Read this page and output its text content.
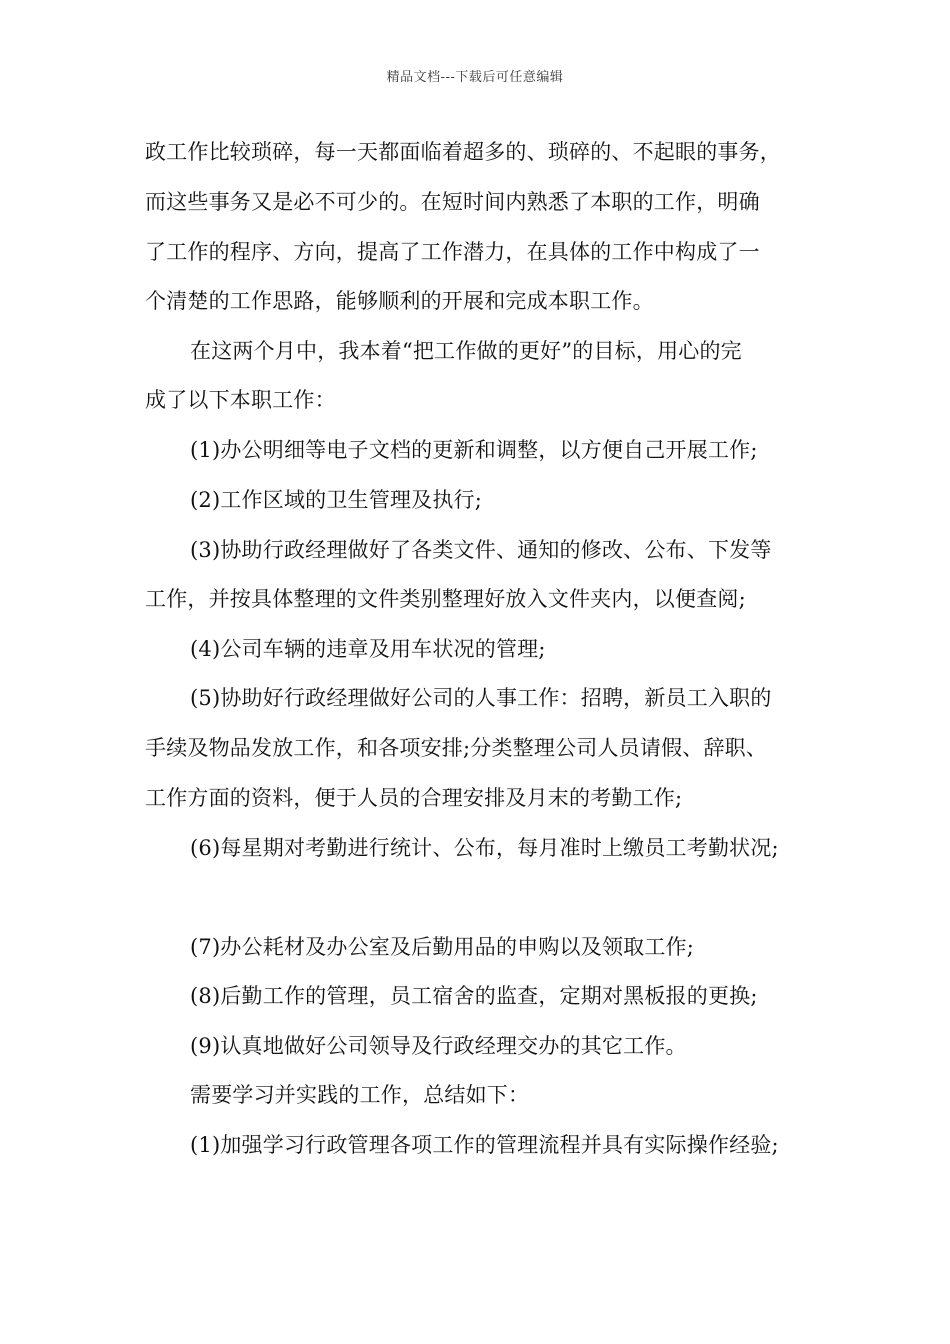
精品文档---下载后可任意编辑
政工作比较琐碎，每一天都面临着超多的、琐碎的、不起眼的事务，
而这些事务又是必不可少的。在短时间内熟悉了本职的工作，明确
了工作的程序、方向，提高了工作潜力，在具体的工作中构成了一
个清楚的工作思路，能够顺利的开展和完成本职工作。
在这两个月中，我本着“把工作做的更好”的目标，用心的完
成了以下本职工作：
(1)办公明细等电子文档的更新和调整，以方便自己开展工作;
(2)工作区域的卫生管理及执行;
(3)协助行政经理做好了各类文件、通知的修改、公布、下发等
工作，并按具体整理的文件类别整理好放入文件夹内，以便查阅;
(4)公司车辆的违章及用车状况的管理;
(5)协助好行政经理做好公司的人事工作：招聘，新员工入职的
手续及物品发放工作，和各项安排;分类整理公司人员请假、辞职、
工作方面的资料，便于人员的合理安排及月末的考勤工作;
(6)每星期对考勤进行统计、公布，每月准时上缴员工考勤状况;
(7)办公耗材及办公室及后勤用品的申购以及领取工作;
(8)后勤工作的管理，员工宿舍的监查，定期对黑板报的更换;
(9)认真地做好公司领导及行政经理交办的其它工作。
需要学习并实践的工作，总结如下：
(1)加强学习行政管理各项工作的管理流程并具有实际操作经验;
